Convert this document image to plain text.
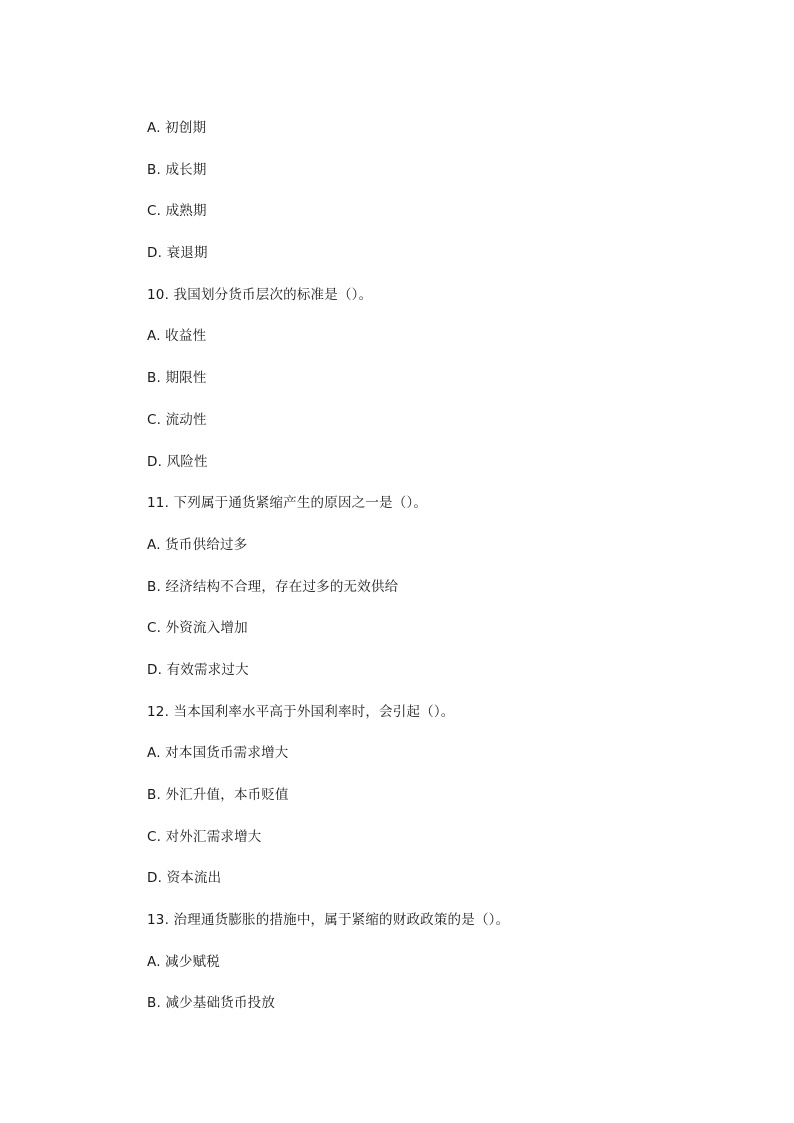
A. 初创期
B. 成长期
C. 成熟期
D. 衰退期
10. 我国划分货币层次的标准是（）。
A. 收益性
B. 期限性
C. 流动性
D. 风险性
11. 下列属于通货紧缩产生的原因之一是（）。
A. 货币供给过多
B. 经济结构不合理，存在过多的无效供给
C. 外资流入增加
D. 有效需求过大
12. 当本国利率水平高于外国利率时，会引起（）。
A. 对本国货币需求增大
B. 外汇升值，本币贬值
C. 对外汇需求增大
D. 资本流出
13. 治理通货膨胀的措施中，属于紧缩的财政政策的是（）。
A. 减少赋税
B. 减少基础货币投放
